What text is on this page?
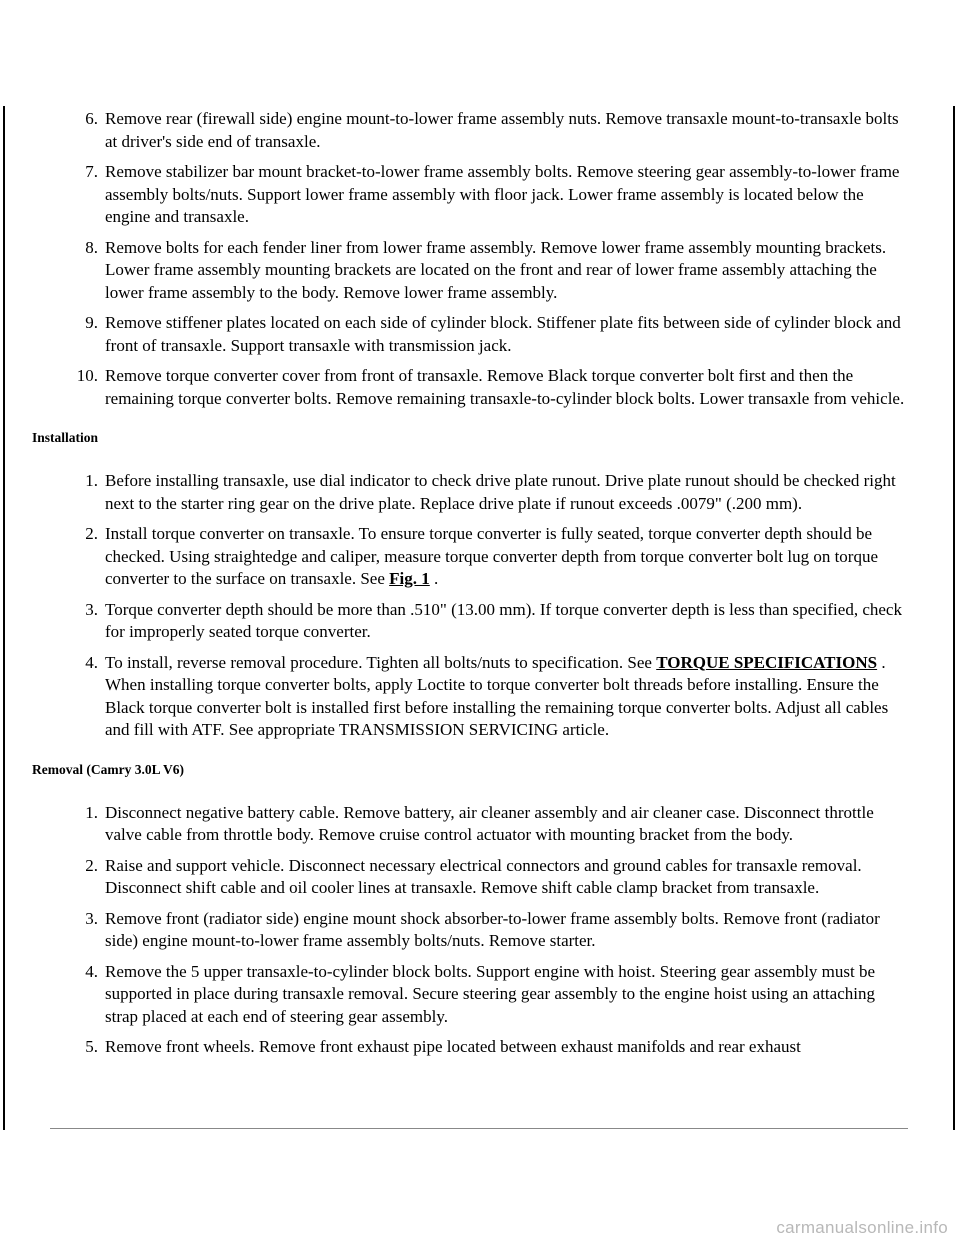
6. Remove rear (firewall side) engine mount-to-lower frame assembly nuts. Remove transaxle mount-to-transaxle bolts at driver's side end of transaxle.
7. Remove stabilizer bar mount bracket-to-lower frame assembly bolts. Remove steering gear assembly-to-lower frame assembly bolts/nuts. Support lower frame assembly with floor jack. Lower frame assembly is located below the engine and transaxle.
8. Remove bolts for each fender liner from lower frame assembly. Remove lower frame assembly mounting brackets. Lower frame assembly mounting brackets are located on the front and rear of lower frame assembly attaching the lower frame assembly to the body. Remove lower frame assembly.
9. Remove stiffener plates located on each side of cylinder block. Stiffener plate fits between side of cylinder block and front of transaxle. Support transaxle with transmission jack.
10. Remove torque converter cover from front of transaxle. Remove Black torque converter bolt first and then the remaining torque converter bolts. Remove remaining transaxle-to-cylinder block bolts. Lower transaxle from vehicle.
Installation
1. Before installing transaxle, use dial indicator to check drive plate runout. Drive plate runout should be checked right next to the starter ring gear on the drive plate. Replace drive plate if runout exceeds .0079" (.200 mm).
2. Install torque converter on transaxle. To ensure torque converter is fully seated, torque converter depth should be checked. Using straightedge and caliper, measure torque converter depth from torque converter bolt lug on torque converter to the surface on transaxle. See Fig. 1 .
3. Torque converter depth should be more than .510" (13.00 mm). If torque converter depth is less than specified, check for improperly seated torque converter.
4. To install, reverse removal procedure. Tighten all bolts/nuts to specification. See TORQUE SPECIFICATIONS . When installing torque converter bolts, apply Loctite to torque converter bolt threads before installing. Ensure the Black torque converter bolt is installed first before installing the remaining torque converter bolts. Adjust all cables and fill with ATF. See appropriate TRANSMISSION SERVICING article.
Removal (Camry 3.0L V6)
1. Disconnect negative battery cable. Remove battery, air cleaner assembly and air cleaner case. Disconnect throttle valve cable from throttle body. Remove cruise control actuator with mounting bracket from the body.
2. Raise and support vehicle. Disconnect necessary electrical connectors and ground cables for transaxle removal. Disconnect shift cable and oil cooler lines at transaxle. Remove shift cable clamp bracket from transaxle.
3. Remove front (radiator side) engine mount shock absorber-to-lower frame assembly bolts. Remove front (radiator side) engine mount-to-lower frame assembly bolts/nuts. Remove starter.
4. Remove the 5 upper transaxle-to-cylinder block bolts. Support engine with hoist. Steering gear assembly must be supported in place during transaxle removal. Secure steering gear assembly to the engine hoist using an attaching strap placed at each end of steering gear assembly.
5. Remove front wheels. Remove front exhaust pipe located between exhaust manifolds and rear exhaust
carmanualsonline.info
